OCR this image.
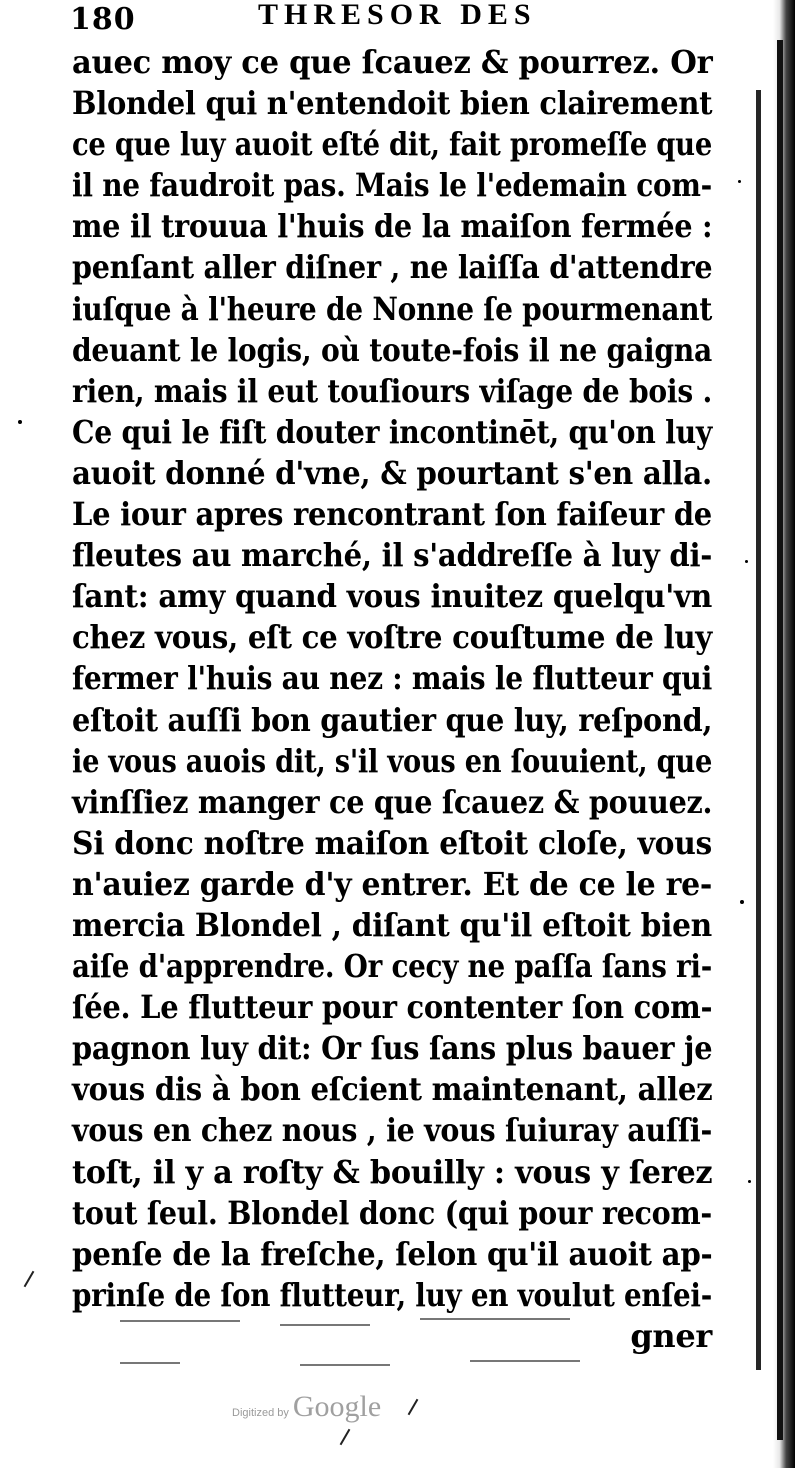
180	THRESOR DES
auec moy ce que ſcauez & pourrez. Or
Blondel qui n'entendoit bien clairement
ce que luy auoit eſté dit, fait promeſſe que
il ne faudroit pas. Mais le l'edemain com-
me il trouua l'huis de la maiſon fermée :
penſant aller diſner , ne laiſſa d'attendre
iuſque à l'heure de Nonne ſe pourmenant
deuant le logis, où toute-fois il ne gaigna
rien, mais il eut touſiours viſage de bois .
Ce qui le fiſt douter incontinēt, qu'on luy
auoit donné d'vne, & pourtant s'en alla.
Le iour apres rencontrant ſon faiſeur de
fleutes au marché, il s'addreſſe à luy di-
ſant: amy quand vous inuitez quelqu'vn
chez vous, eſt ce voſtre couſtume de luy
fermer l'huis au nez : mais le flutteur qui
eſtoit auſſi bon gautier que luy, reſpond,
ie vous auois dit, s'il vous en ſouuient, que
vinſſiez manger ce que ſcauez & pouuez.
Si donc noſtre maiſon eſtoit cloſe, vous
n'auiez garde d'y entrer. Et de ce le re-
mercia Blondel , diſant qu'il eſtoit bien
aiſe d'apprendre. Or cecy ne paſſa ſans ri-
ſée. Le flutteur pour contenter ſon com-
pagnon luy dit: Or ſus ſans plus bauer je
vous dis à bon eſcient maintenant, allez
vous en chez nous , ie vous ſuiuray auſſi-
toſt, il y a roſty & bouilly : vous y ſerez
tout ſeul. Blondel donc (qui pour recom-
penſe de la freſche, ſelon qu'il auoit ap-
prinſe de ſon flutteur, luy en voulut enſei-
gner
Digitized by Google
